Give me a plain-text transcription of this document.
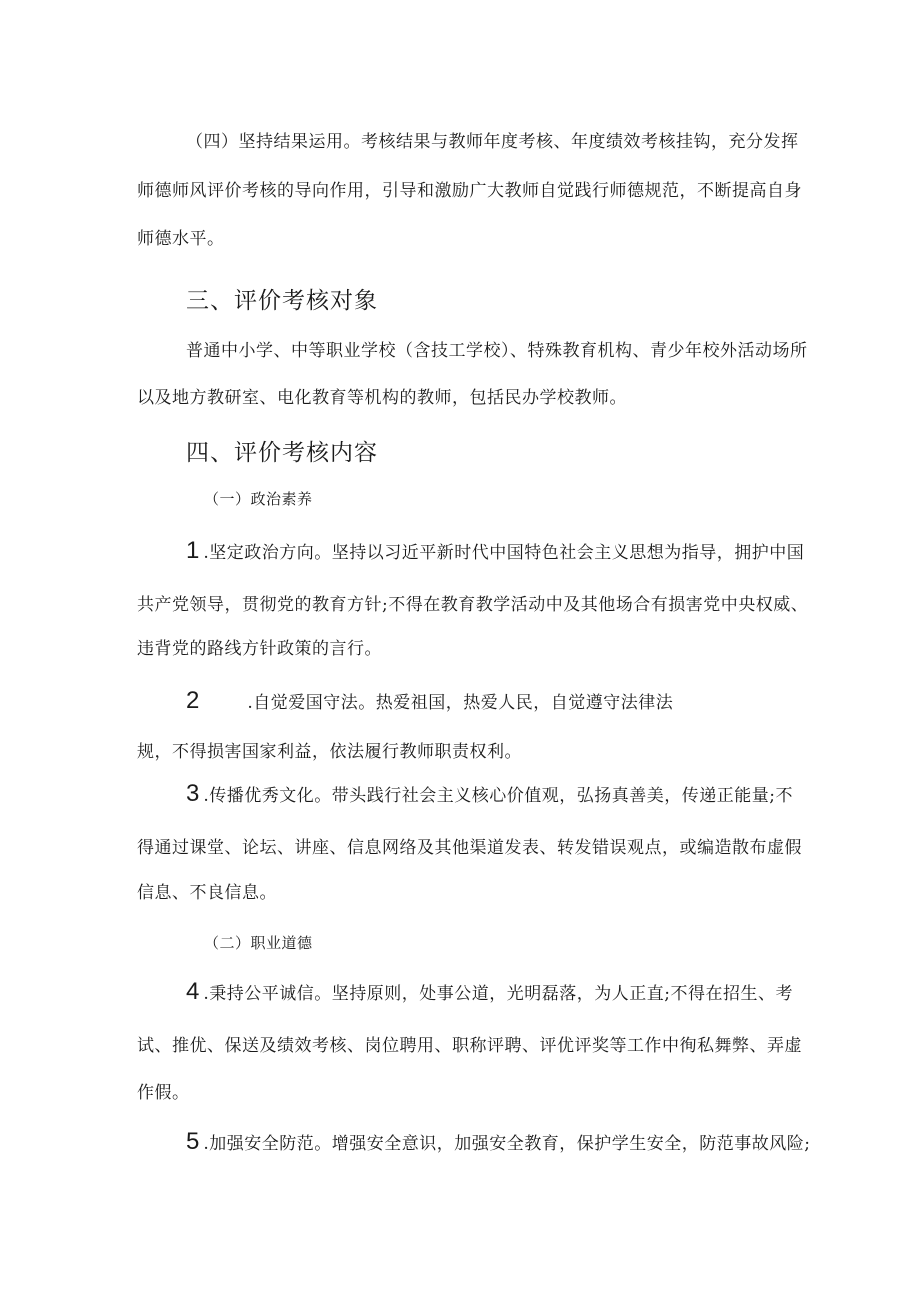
（四）坚持结果运用。考核结果与教师年度考核、年度绩效考核挂钩，充分发挥
师德师风评价考核的导向作用，引导和激励广大教师自觉践行师德规范，不断提高自身
师德水平。
三、评价考核对象
普通中小学、中等职业学校（含技工学校）、特殊教育机构、青少年校外活动场所
以及地方教研室、电化教育等机构的教师，包括民办学校教师。
四、评价考核内容
（一）政治素养
1 .坚定政治方向。坚持以习近平新时代中国特色社会主义思想为指导，拥护中国
共产党领导，贯彻党的教育方针;不得在教育教学活动中及其他场合有损害党中央权威、
违背党的路线方针政策的言行。
2	.自觉爱国守法。热爱祖国，热爱人民，自觉遵守法律法
规，不得损害国家利益，依法履行教师职责权利。
3 .传播优秀文化。带头践行社会主义核心价值观，弘扬真善美，传递正能量;不
得通过课堂、论坛、讲座、信息网络及其他渠道发表、转发错误观点，或编造散布虚假
信息、不良信息。
（二）职业道德
4 .秉持公平诚信。坚持原则，处事公道，光明磊落，为人正直;不得在招生、考
试、推优、保送及绩效考核、岗位聘用、职称评聘、评优评奖等工作中徇私舞弊、弄虚
作假。
5 .加强安全防范。增强安全意识，加强安全教育，保护学生安全，防范事故风险;
